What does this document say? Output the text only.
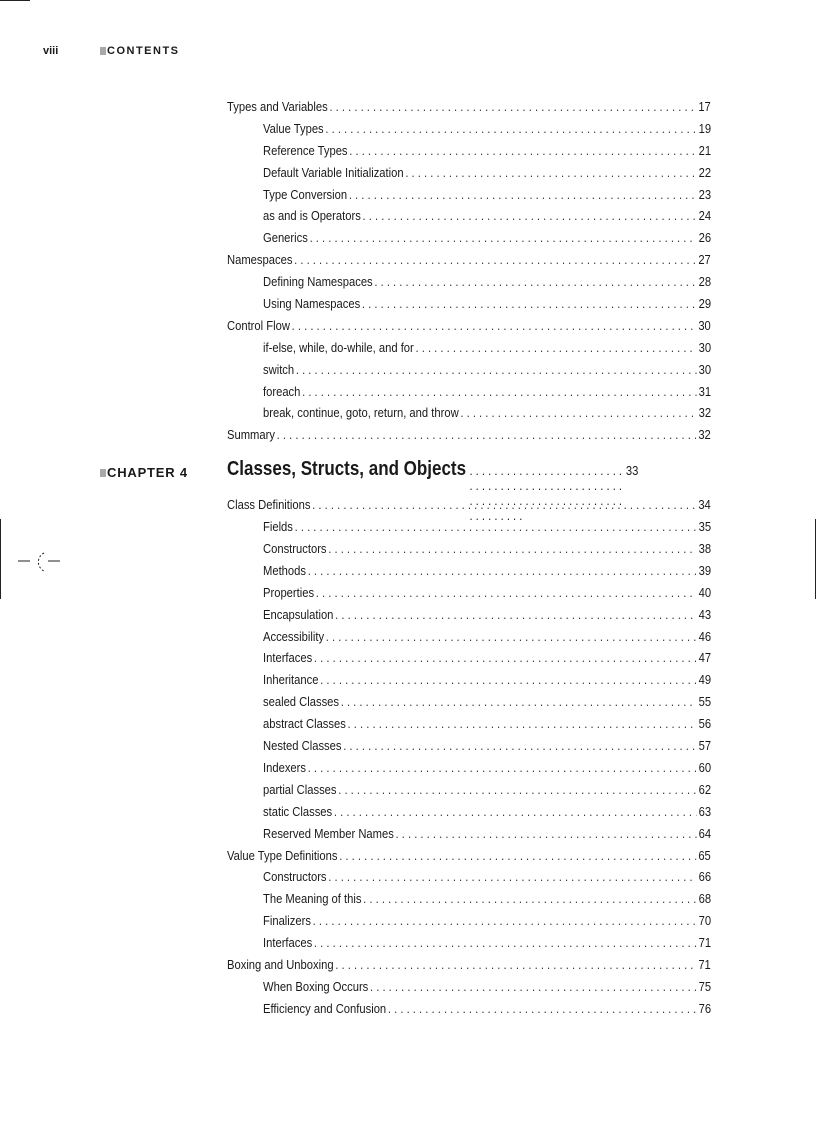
viii	CONTENTS
Types and Variables . . .	17
Value Types . . .	19
Reference Types . . .	21
Default Variable Initialization . . .	22
Type Conversion . . .	23
as and is Operators . . .	24
Generics . . .	26
Namespaces . . .	27
Defining Namespaces . . .	28
Using Namespaces . . .	29
Control Flow . . .	30
if-else, while, do-while, and for . . .	30
switch . . .	30
foreach . . .	31
break, continue, goto, return, and throw . . .	32
Summary . . .	32
CHAPTER 4 Classes, Structs, and Objects . . .	33
Class Definitions . . .	34
Fields . . .	35
Constructors . . .	38
Methods . . .	39
Properties . . .	40
Encapsulation . . .	43
Accessibility . . .	46
Interfaces . . .	47
Inheritance . . .	49
sealed Classes . . .	55
abstract Classes . . .	56
Nested Classes . . .	57
Indexers . . .	60
partial Classes . . .	62
static Classes . . .	63
Reserved Member Names . . .	64
Value Type Definitions . . .	65
Constructors . . .	66
The Meaning of this . . .	68
Finalizers . . .	70
Interfaces . . .	71
Boxing and Unboxing . . .	71
When Boxing Occurs . . .	75
Efficiency and Confusion . . .	76
